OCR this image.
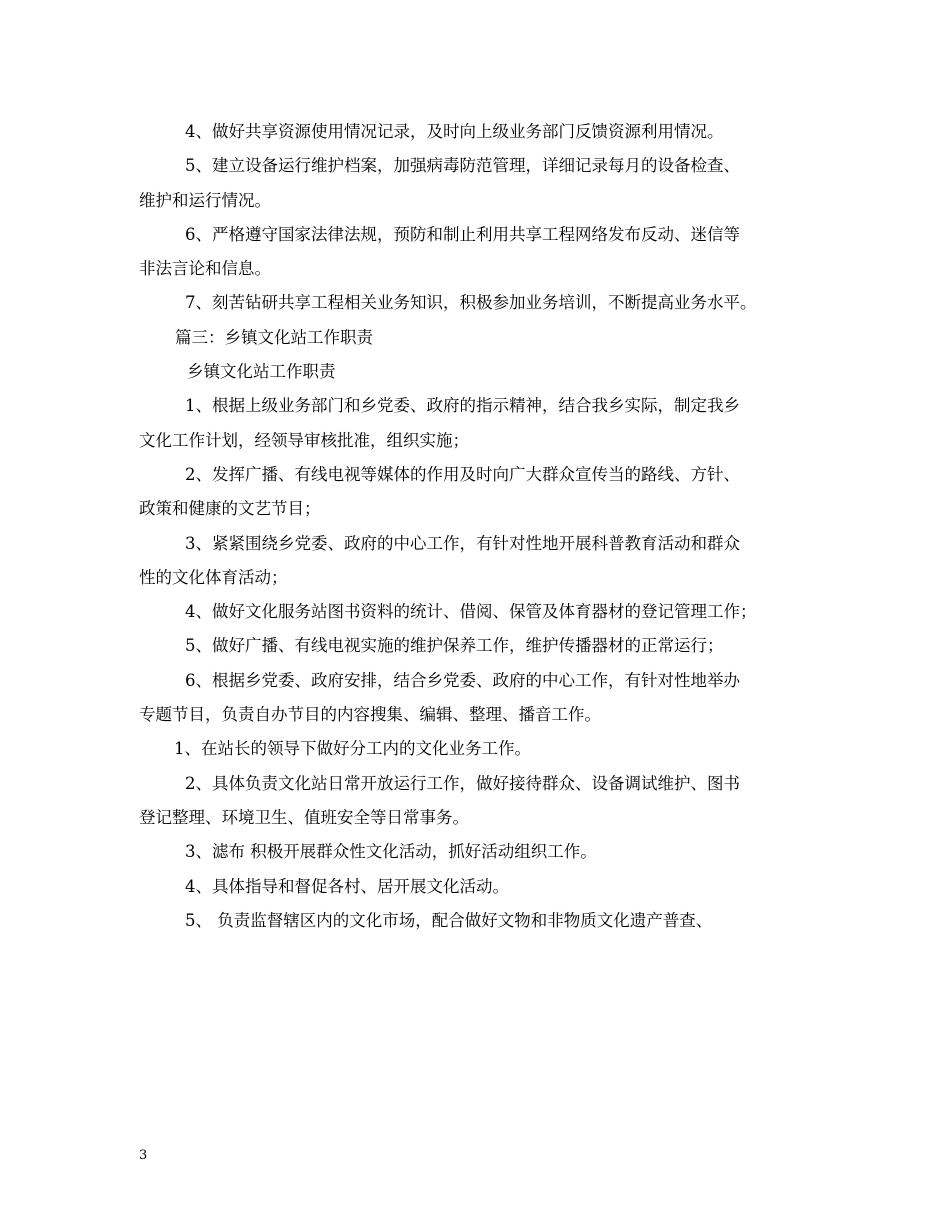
4、做好共享资源使用情况记录，及时向上级业务部门反馈资源利用情况。
5、建立设备运行维护档案，加强病毒防范管理，详细记录每月的设备检查、
维护和运行情况。
6、严格遵守国家法律法规，预防和制止利用共享工程网络发布反动、迷信等
非法言论和信息。
7、刻苦钻研共享工程相关业务知识，积极参加业务培训，不断提高业务水平。
篇三：乡镇文化站工作职责
乡镇文化站工作职责
1、根据上级业务部门和乡党委、政府的指示精神，结合我乡实际，制定我乡
文化工作计划，经领导审核批准，组织实施；
2、发挥广播、有线电视等媒体的作用及时向广大群众宣传当的路线、方针、
政策和健康的文艺节目；
3、紧紧围绕乡党委、政府的中心工作，有针对性地开展科普教育活动和群众
性的文化体育活动；
4、做好文化服务站图书资料的统计、借阅、保管及体育器材的登记管理工作；
5、做好广播、有线电视实施的维护保养工作，维护传播器材的正常运行；
6、根据乡党委、政府安排，结合乡党委、政府的中心工作，有针对性地举办
专题节目，负责自办节目的内容搜集、编辑、整理、播音工作。
1、在站长的领导下做好分工内的文化业务工作。
2、具体负责文化站日常开放运行工作，做好接待群众、设备调试维护、图书
登记整理、环境卫生、值班安全等日常事务。
3、滤布 积极开展群众性文化活动，抓好活动组织工作。
4、具体指导和督促各村、居开展文化活动。
5、 负责监督辖区内的文化市场，配合做好文物和非物质文化遗产普查、
3
